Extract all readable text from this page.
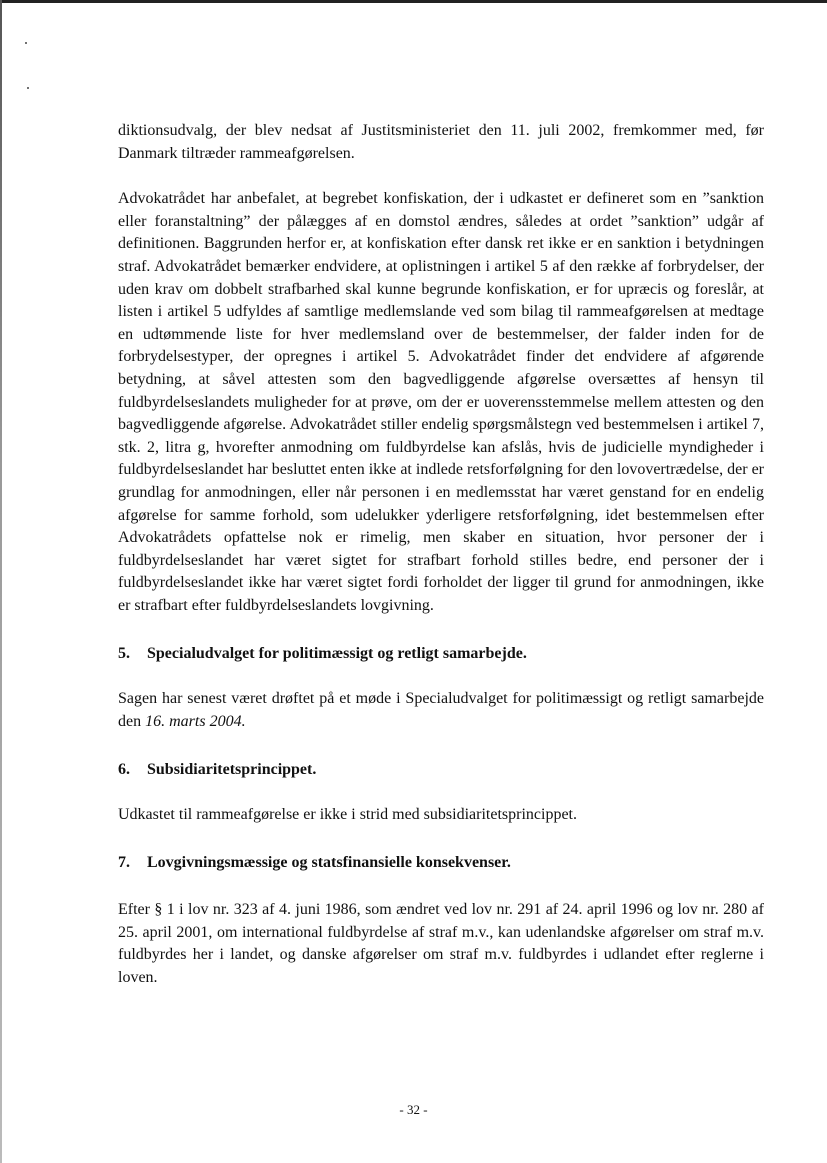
diktionsudvalg, der blev nedsat af Justitsministeriet den 11. juli 2002, fremkommer med, før Danmark tiltræder rammeafgørelsen.

Advokatrådet har anbefalet, at begrebet konfiskation, der i udkastet er defineret som en ”sanktion eller foranstaltning” der pålægges af en domstol ændres, således at ordet ”sanktion” udgår af definitionen. Baggrunden herfor er, at konfiskation efter dansk ret ikke er en sanktion i betydningen straf. Advokatrådet bemærker endvidere, at oplistningen i artikel 5 af den række af forbrydelser, der uden krav om dobbelt strafbarhed skal kunne begrunde konfiskation, er for upræcis og foreslår, at listen i artikel 5 udfyldes af samtlige medlemslande ved som bilag til rammeafgørelsen at medtage en udtømmende liste for hver medlemsland over de bestemmelser, der falder inden for de forbrydelsestyper, der opregnes i artikel 5. Advokatrådet finder det endvidere af afgørende betydning, at såvel attesten som den bagvedliggende afgørelse oversættes af hensyn til fuldbyrdelseslandets muligheder for at prøve, om der er uoverensstemmelse mellem attesten og den bagvedliggende afgørelse. Advokatrådet stiller endelig spørgsmålstegn ved bestemmelsen i artikel 7, stk. 2, litra g, hvorefter anmodning om fuldbyrdelse kan afslås, hvis de judicielle myndigheder i fuldbyrdelseslandet har besluttet enten ikke at indlede retsforfølgning for den lovovertrædelse, der er grundlag for anmodningen, eller når personen i en medlemsstat har været genstand for en endelig afgørelse for samme forhold, som udelukker yderligere retsforfølgning, idet bestemmelsen efter Advokatrådets opfattelse nok er rimelig, men skaber en situation, hvor personer der i fuldbyrdelseslandet har været sigtet for strafbart forhold stilles bedre, end personer der i fuldbyrdelseslandet ikke har været sigtet fordi forholdet der ligger til grund for anmodningen, ikke er strafbart efter fuldbyrdelseslandets lovgivning.

5.	Specialudvalget for politimæssigt og retligt samarbejde.

Sagen har senest været drøftet på et møde i Specialudvalget for politimæssigt og retligt samarbejde den 16. marts 2004.

6.	Subsidiaritetsprincippet.

Udkastet til rammeafgørelse er ikke i strid med subsidiaritetsprincippet.

7.	Lovgivningsmæssige og statsfinansielle konsekvenser.

Efter § 1 i lov nr. 323 af 4. juni 1986, som ændret ved lov nr. 291 af 24. april 1996 og lov nr. 280 af 25. april 2001, om international fuldbyrdelse af straf m.v., kan udenlandske afgørelser om straf m.v. fuldbyrdes her i landet, og danske afgørelser om straf m.v. fuldbyrdes i udlandet efter reglerne i loven.

- 32 -
